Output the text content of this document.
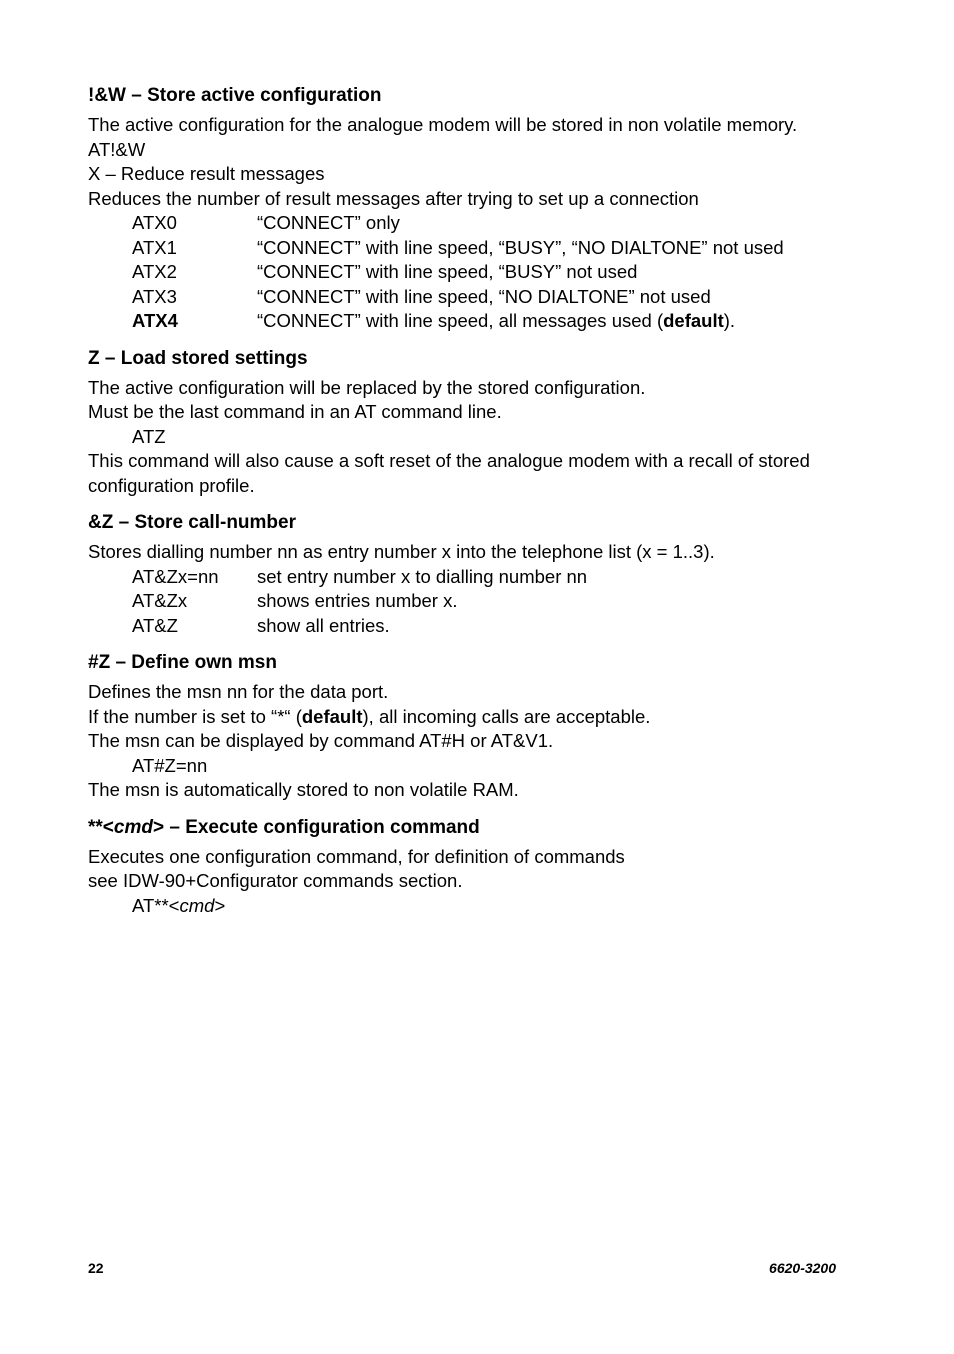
!&W – Store active configuration
The active configuration for the analogue modem will be stored in non volatile memory.
AT!&W
X – Reduce result messages
Reduces the number of result messages after trying to set up a connection
ATX0	“CONNECT” only
ATX1	“CONNECT” with line speed, “BUSY”, “NO DIALTONE” not used
ATX2	“CONNECT” with line speed, “BUSY” not used
ATX3	“CONNECT” with line speed, “NO DIALTONE” not used
ATX4	“CONNECT” with line speed, all messages used (default).
Z – Load stored settings
The active configuration will be replaced by the stored configuration.
Must be the last command in an AT command line.
ATZ
This command will also cause a soft reset of the analogue modem with a recall of stored configuration profile.
&Z – Store call-number
Stores dialling number nn as entry number x into the telephone list (x = 1..3).
AT&Zx=nn	set entry number x to dialling number nn
AT&Zx	shows entries number x.
AT&Z	show all entries.
#Z – Define own msn
Defines the msn nn for the data port.
If the number is set to “*“ (default), all incoming calls are acceptable.
The msn can be displayed by command AT#H or AT&V1.
AT#Z=nn
The msn is automatically stored to non volatile RAM.
**<cmd> – Execute configuration command
Executes one configuration command, for definition of commands
see IDW-90+Configurator commands section.
AT**<cmd>
22	6620-3200
